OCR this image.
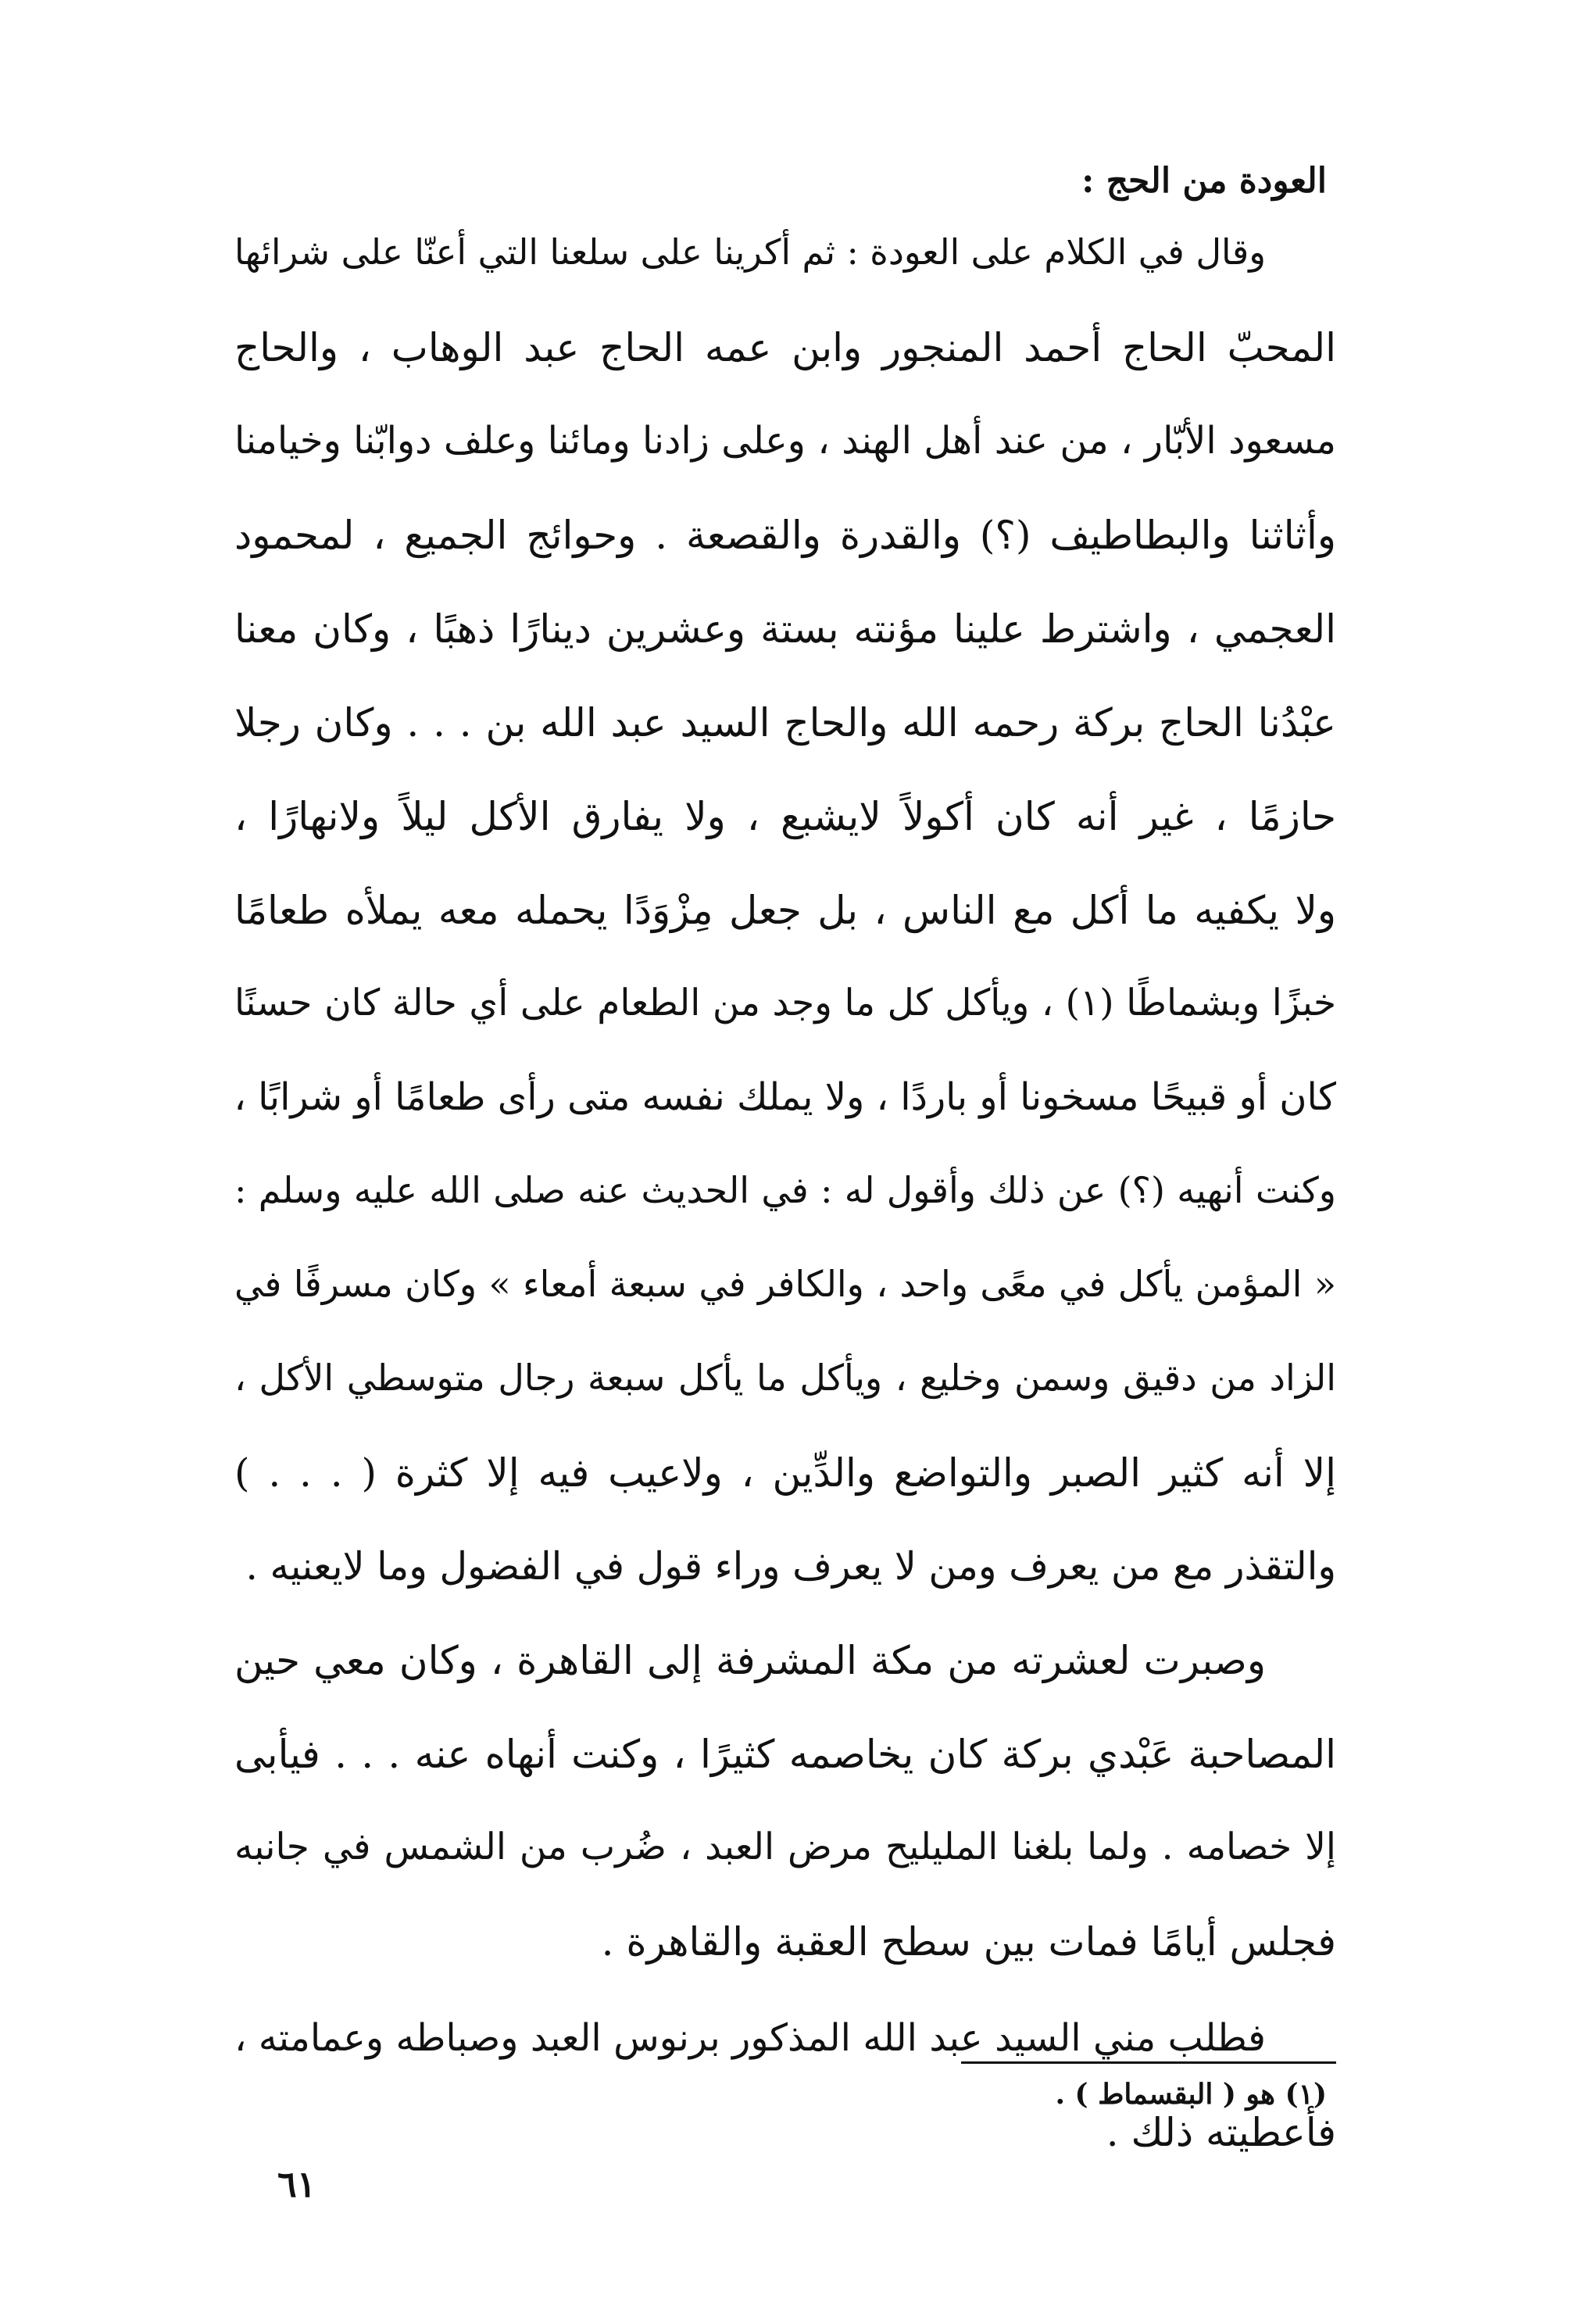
العودة من الحج :
وقال في الكلام على العودة : ثم أكرينا على سلعنا التي أعنّا على شرائها
المحبّ الحاج أحمد المنجور وابن عمه الحاج عبد الوهاب ، والحاج
مسعود الأبّار ، من عند أهل الهند ، وعلى زادنا ومائنا وعلف دوابّنا وخيامنا
وأثاثنا والبطاطيف (؟) والقدرة والقصعة . وحوائج الجميع ، لمحمود
العجمي ، واشترط علينا مؤنته بستة وعشرين دينارًا ذهبًا ، وكان معنا
عبْدُنا الحاج بركة رحمه الله والحاج السيد عبد الله بن . . . وكان رجلا
حازمًا ، غير أنه كان أكولاً لايشبع ، ولا يفارق الأكل ليلاً ولانهارًا ،
ولا يكفيه ما أكل مع الناس ، بل جعل مِزْوَدًا يحمله معه يملأه طعامًا
خبزًا وبشماطًا (١) ، ويأكل كل ما وجد من الطعام على أي حالة كان حسنًا
كان أو قبيحًا مسخونا أو باردًا ، ولا يملك نفسه متى رأى طعامًا أو شرابًا ،
وكنت أنهيه (؟) عن ذلك وأقول له : في الحديث عنه صلى الله عليه وسلم :
« المؤمن يأكل في معًى واحد ، والكافر في سبعة أمعاء » وكان مسرفًا في
الزاد من دقيق وسمن وخليع ، ويأكل ما يأكل سبعة رجال متوسطي الأكل ،
إلا أنه كثير الصبر والتواضع والدِّين ، ولاعيب فيه إلا كثرة ( . . . )
والتقذر مع من يعرف ومن لا يعرف وراء قول في الفضول وما لايعنيه .
وصبرت لعشرته من مكة المشرفة إلى القاهرة ، وكان معي حين
المصاحبة عَبْدي بركة كان يخاصمه كثيرًا ، وكنت أنهاه عنه . . . فيأبى
إلا خصامه . ولما بلغنا المليليح مرض العبد ، ضُرب من الشمس في جانبه
فجلس أيامًا فمات بين سطح العقبة والقاهرة .
فطلب مني السيد عبد الله المذكور برنوس العبد وصباطه وعمامته ،
فأعطيته ذلك .
(١) هو ( البقسماط ) .
٦١
